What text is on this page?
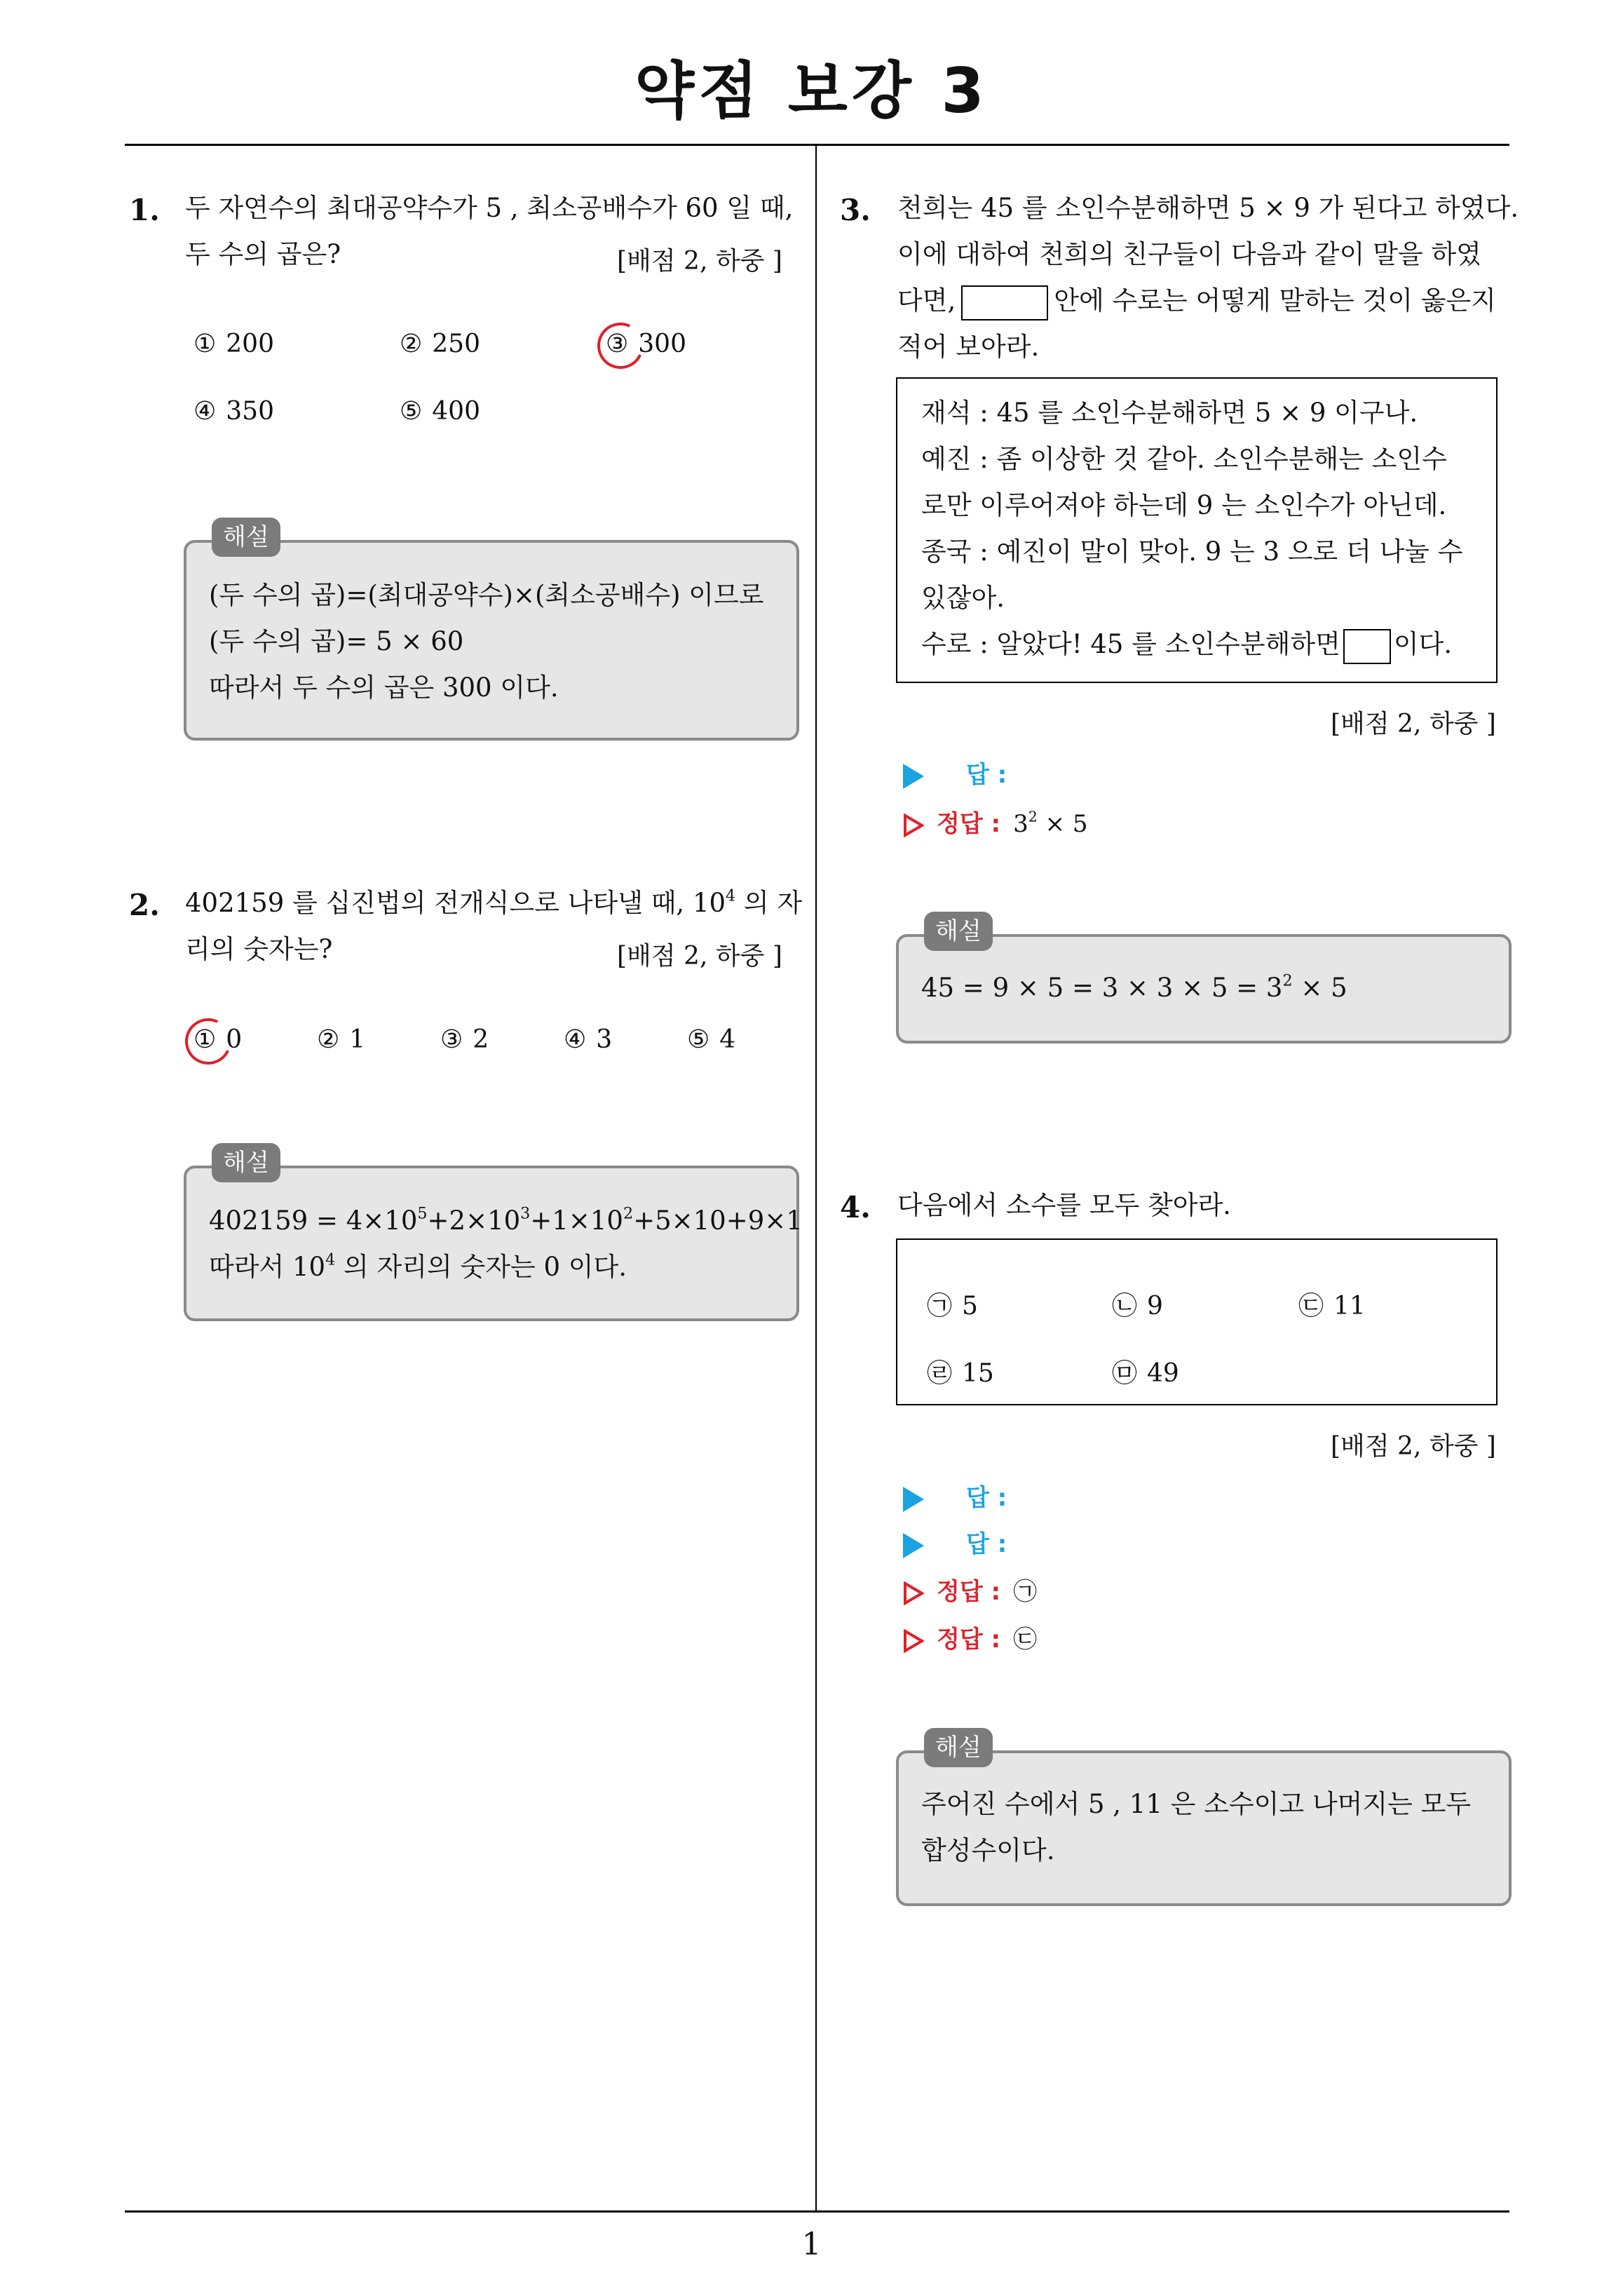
약점 보강 3
1. 두 자연수의 최대공약수가 5 , 최소공배수가 60 일 때,
두 수의 곱은?	[배점 2, 하중 ]
① 200	② 250	③ 300
④ 350	⑤ 400
(두 수의 곱)=(최대공약수)×(최소공배수) 이므로
(두 수의 곱)= 5 × 60
따라서 두 수의 곱은 300 이다.
해설
2. 402159 를 십진법의 전개식으로 나타낼 때, $10^4$ 의 자
리의 숫자는?	[배점 2, 하중 ]
① 0	② 1	③ 2	④ 3	⑤ 4
$402159 = 4\times 10^5+2\times 10^3+1\times 10^2+5\times 10+9\times 1$
따라서 $10^4$ 의 자리의 숫자는 0 이다.
해설
3. 천희는 45 를 소인수분해하면 5 × 9 가 된다고 하였다.
이에 대하여 천희의 친구들이 다음과 같이 말을 하였
다면,	안에 수로는 어떻게 말하는 것이 옳은지
적어 보아라.
재석 : 45 를 소인수분해하면 5 × 9 이구나.
예진 : 좀 이상한 것 같아. 소인수분해는 소인수
로만 이루어져야 하는데 9 는 소인수가 아닌데.
종국 : 예진이 말이 맞아. 9 는 3 으로 더 나눌 수
있잖아.
수로 : 알았다! 45 를 소인수분해하면 이다.
[배점 2, 하중 ]
답 :
정답 : $3^2 \times 5$
$45 = 9 \times 5 = 3 \times 3 \times 5 = 3^2 \times 5$
해설
4. 다음에서 소수를 모두 찾아라.
㉠ 5	㉡ 9	㉢ 11
㉣ 15	㉤ 49
[배점 2, 하중 ]
답 :
답 :
정답 : ㉠
정답 : ㉢
주어진 수에서 5 , 11 은 소수이고 나머지는 모두
합성수이다.
해설
1
